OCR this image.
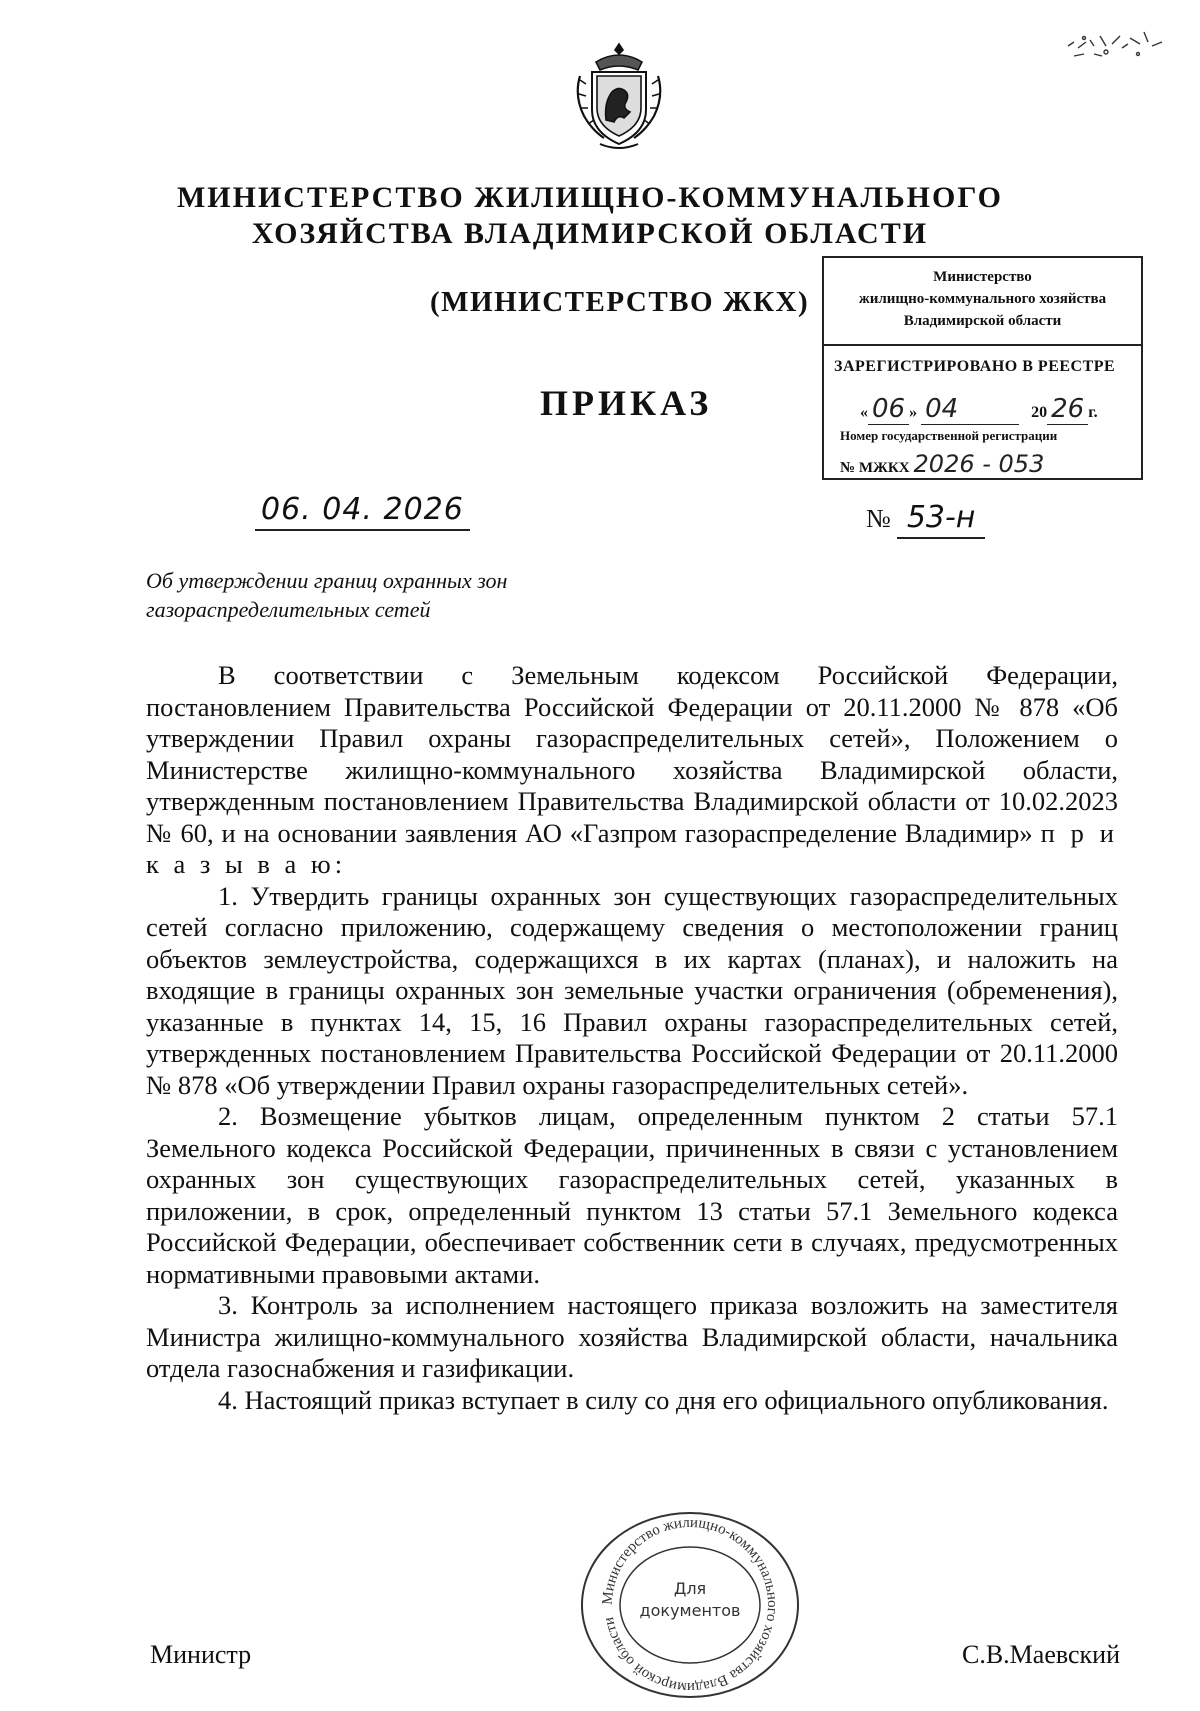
МИНИСТЕРСТВО ЖИЛИЩНО-КОММУНАЛЬНОГО
ХОЗЯЙСТВА ВЛАДИМИРСКОЙ ОБЛАСТИ
(МИНИСТЕРСТВО ЖКХ)
ПРИКАЗ
Министерство
жилищно-коммунального хозяйства
Владимирской области
ЗАРЕГИСТРИРОВАНО В РЕЕСТРЕ
« 06 » 04	20 26 г.
Номер государственной регистрации
№ МЖКХ 2026 - 053
06. 04. 2026	№ 53-н
Об утверждении границ охранных зон
газораспределительных сетей

В соответствии с Земельным кодексом Российской Федерации, постановлением Правительства Российской Федерации от 20.11.2000 № 878 «Об утверждении Правил охраны газораспределительных сетей», Положением о Министерстве жилищно-коммунального хозяйства Владимирской области, утвержденным постановлением Правительства Владимирской области от 10.02.2023 № 60, и на основании заявления АО «Газпром газораспределение Владимир» п р и к а з ы в а ю:

1. Утвердить границы охранных зон существующих газораспределительных сетей согласно приложению, содержащему сведения о местоположении границ объектов землеустройства, содержащихся в их картах (планах), и наложить на входящие в границы охранных зон земельные участки ограничения (обременения), указанные в пунктах 14, 15, 16 Правил охраны газораспределительных сетей, утвержденных постановлением Правительства Российской Федерации от 20.11.2000 № 878 «Об утверждении Правил охраны газораспределительных сетей».

2. Возмещение убытков лицам, определенным пунктом 2 статьи 57.1 Земельного кодекса Российской Федерации, причиненных в связи с установлением охранных зон существующих газораспределительных сетей, указанных в приложении, в срок, определенный пунктом 13 статьи 57.1 Земельного кодекса Российской Федерации, обеспечивает собственник сети в случаях, предусмотренных нормативными правовыми актами.

3. Контроль за исполнением настоящего приказа возложить на заместителя Министра жилищно-коммунального хозяйства Владимирской области, начальника отдела газоснабжения и газификации.

4. Настоящий приказ вступает в силу со дня его официального опубликования.

Министерство жилищно-коммунального хозяйства Владимирской области
Для
документов
Министр	С.В.Маевский
